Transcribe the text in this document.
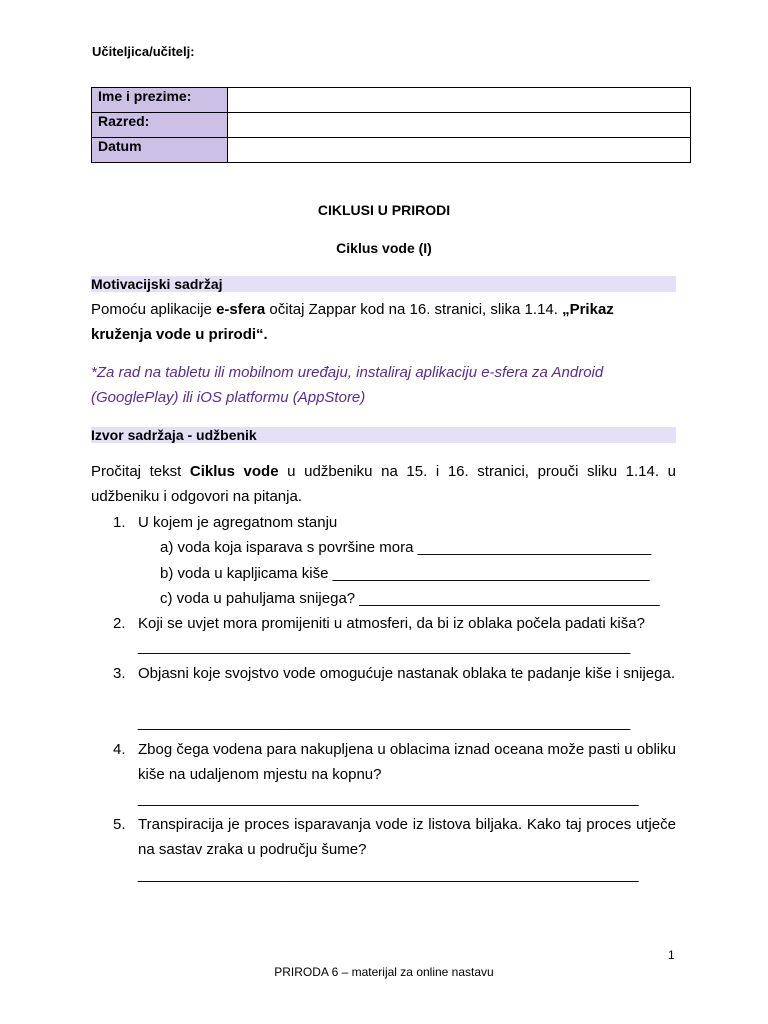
Učiteljica/učitelj:
Ime i prezime:	
Razred:	
Datum	
CIKLUSI U PRIRODI
Ciklus vode (I)
Motivacijski sadržaj
Pomoću aplikacije e-sfera očitaj Zappar kod na 16. stranici, slika 1.14. „Prikaz kruženja vode u prirodi“.
*Za rad na tabletu ili mobilnom uređaju, instaliraj aplikaciju e-sfera za Android (GooglePlay) ili iOS platformu (AppStore)
Izvor sadržaja - udžbenik
Pročitaj tekst Ciklus vode u udžbeniku na 15. i 16. stranici, prouči sliku 1.14. u udžbeniku i odgovori na pitanja.
1. U kojem je agregatnom stanju
a) voda koja isparava s površine mora ____________________________
b) voda u kapljicama kiše ______________________________________
c) voda u pahuljama snijega? ____________________________________
2. Koji se uvjet mora promijeniti u atmosferi, da bi iz oblaka počela padati kiša?
___________________________________________________________
3. Objasni koje svojstvo vode omogućuje nastanak oblaka te padanje kiše i snijega.
___________________________________________________________
4. Zbog čega vodena para nakupljena u oblacima iznad oceana može pasti u obliku kiše na udaljenom mjestu na kopnu?
____________________________________________________________
5. Transpiracija je proces isparavanja vode iz listova biljaka. Kako taj proces utječe na sastav zraka u području šume?
____________________________________________________________
1
PRIRODA 6 – materijal za online nastavu
